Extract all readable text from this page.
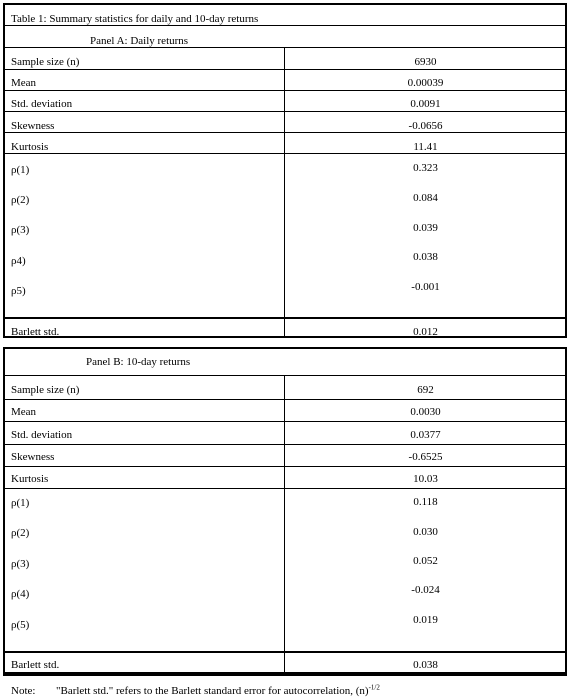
Table 1: Summary statistics for daily and 10-day returns
Panel A: Daily returns
Sample size (n)	6930
Mean	0.00039
Std. deviation	0.0091
Skewness	-0.0656
Kurtosis	11.41
ρ(1)	0.323
ρ(2)	0.084
ρ(3)	0.039
ρ4)	0.038
ρ5)	-0.001
Barlett std.	0.012
Panel B: 10-day returns
Sample size (n)	692
Mean	0.0030
Std. deviation	0.0377
Skewness	-0.6525
Kurtosis	10.03
ρ(1)	0.118
ρ(2)	0.030
ρ(3)	0.052
ρ(4)	-0.024
ρ(5)	0.019
Barlett std.	0.038
Note: "Barlett std." refers to the Barlett standard error for autocorrelation, $(n)^{-1/2}$
